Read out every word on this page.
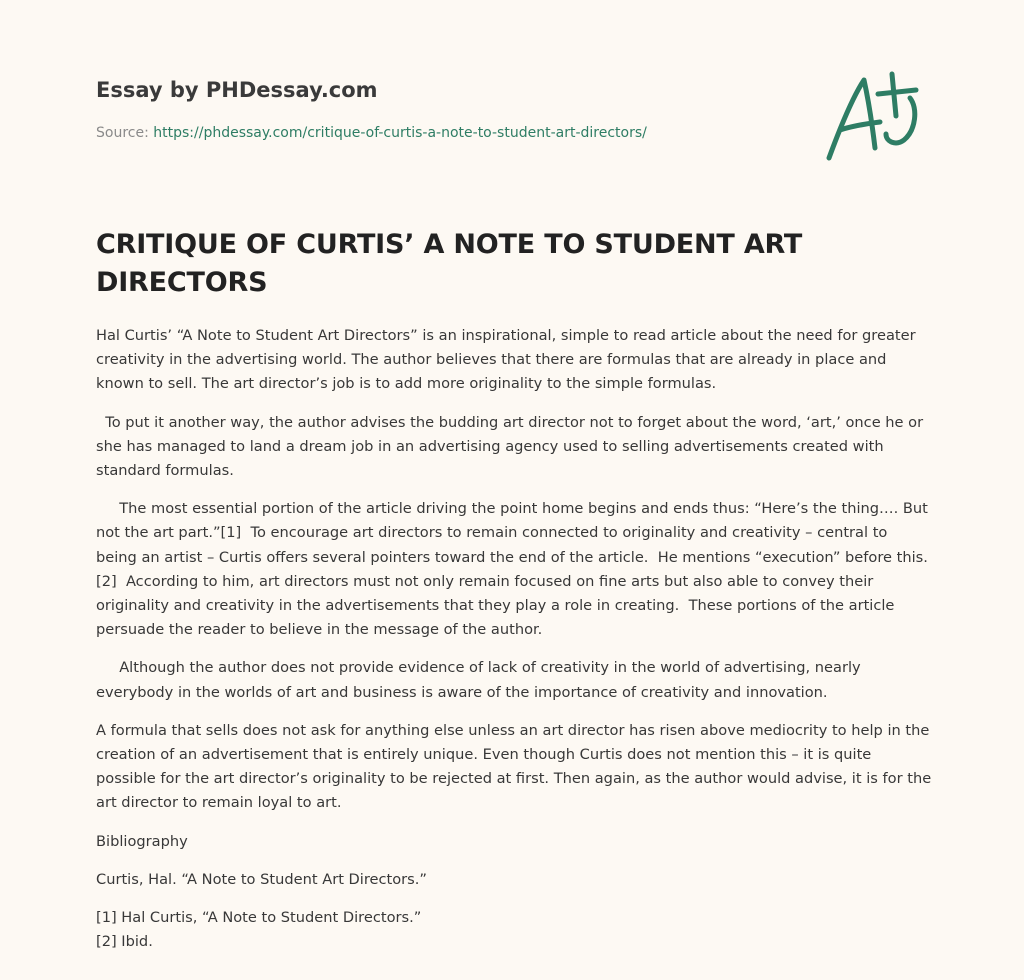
Essay by PHDessay.com
Source: https://phdessay.com/critique-of-curtis-a-note-to-student-art-directors/
CRITIQUE OF CURTIS’ A NOTE TO STUDENT ART DIRECTORS

Hal Curtis’ “A Note to Student Art Directors” is an inspirational, simple to read article about the need for greater creativity in the advertising world. The author believes that there are formulas that are already in place and known to sell. The art director’s job is to add more originality to the simple formulas.

To put it another way, the author advises the budding art director not to forget about the word, ‘art,’ once he or she has managed to land a dream job in an advertising agency used to selling advertisements created with standard formulas.

The most essential portion of the article driving the point home begins and ends thus: “Here’s the thing…. But not the art part.”[1]  To encourage art directors to remain connected to originality and creativity – central to being an artist – Curtis offers several pointers toward the end of the article.  He mentions “execution” before this.[2]  According to him, art directors must not only remain focused on fine arts but also able to convey their originality and creativity in the advertisements that they play a role in creating.  These portions of the article persuade the reader to believe in the message of the author.

Although the author does not provide evidence of lack of creativity in the world of advertising, nearly everybody in the worlds of art and business is aware of the importance of creativity and innovation.

A formula that sells does not ask for anything else unless an art director has risen above mediocrity to help in the creation of an advertisement that is entirely unique. Even though Curtis does not mention this – it is quite possible for the art director’s originality to be rejected at first. Then again, as the author would advise, it is for the art director to remain loyal to art.

Bibliography

Curtis, Hal. “A Note to Student Art Directors.”

[1] Hal Curtis, “A Note to Student Directors.”

[2] Ibid.
